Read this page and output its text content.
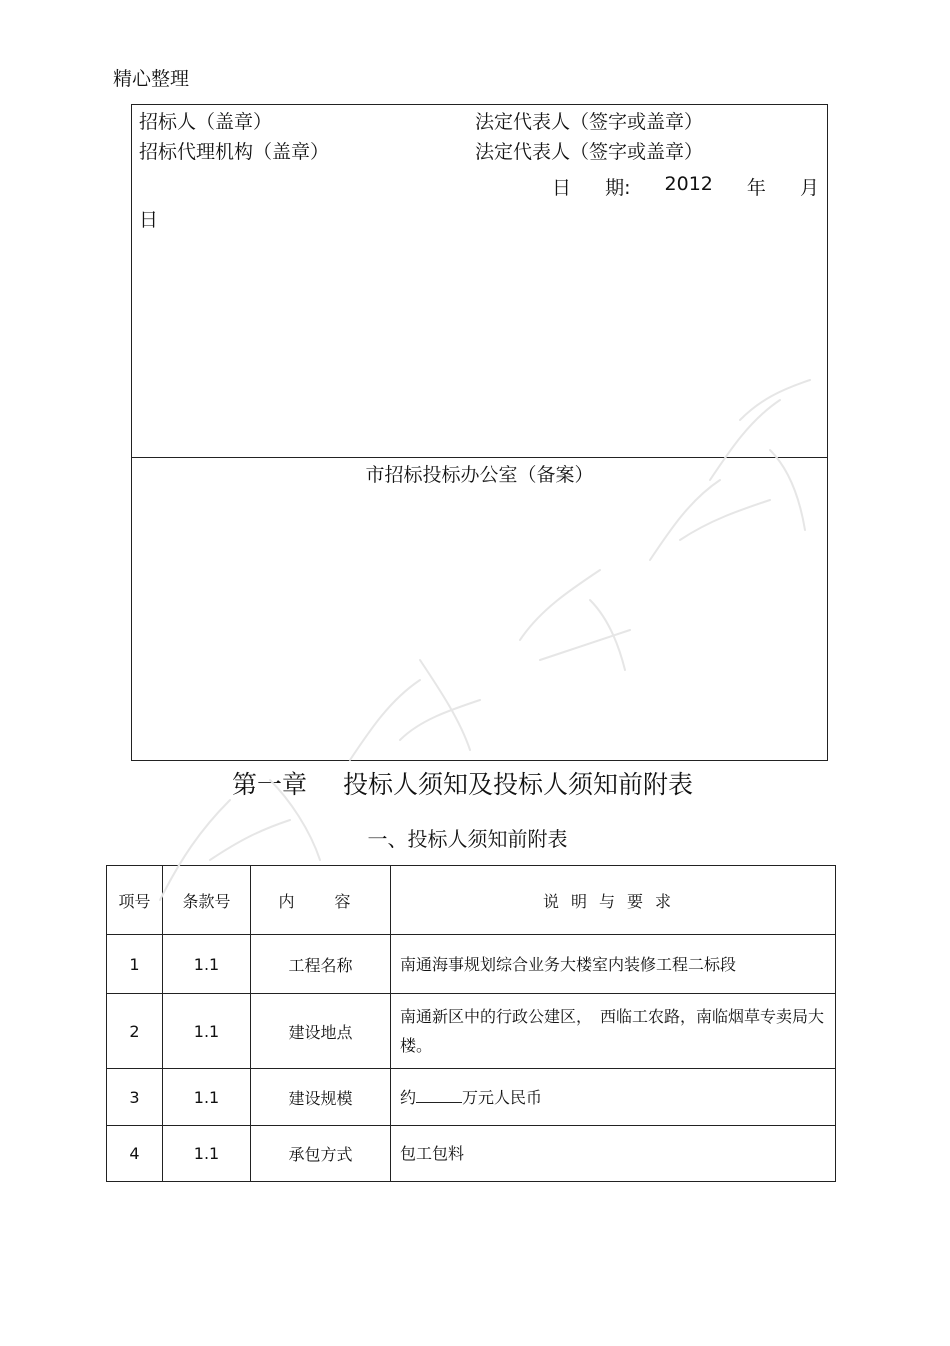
精心整理
招标人（盖章）	法定代表人（签字或盖章）
招标代理机构（盖章）	法定代表人（签字或盖章）
日 期: 2012 年 月
日
市招标投标办公室（备案）
第一章 投标人须知及投标人须知前附表
一、投标人须知前附表
项号	条款号	内　容	说明与要求
1	1.1	工程名称	南通海事规划综合业务大楼室内装修工程二标段
2	1.1	建设地点	南通新区中的行政公建区，　西临工农路，南临烟草专卖局大楼。
3	1.1	建设规模	约 万元人民币
4	1.1	承包方式	包工包料
